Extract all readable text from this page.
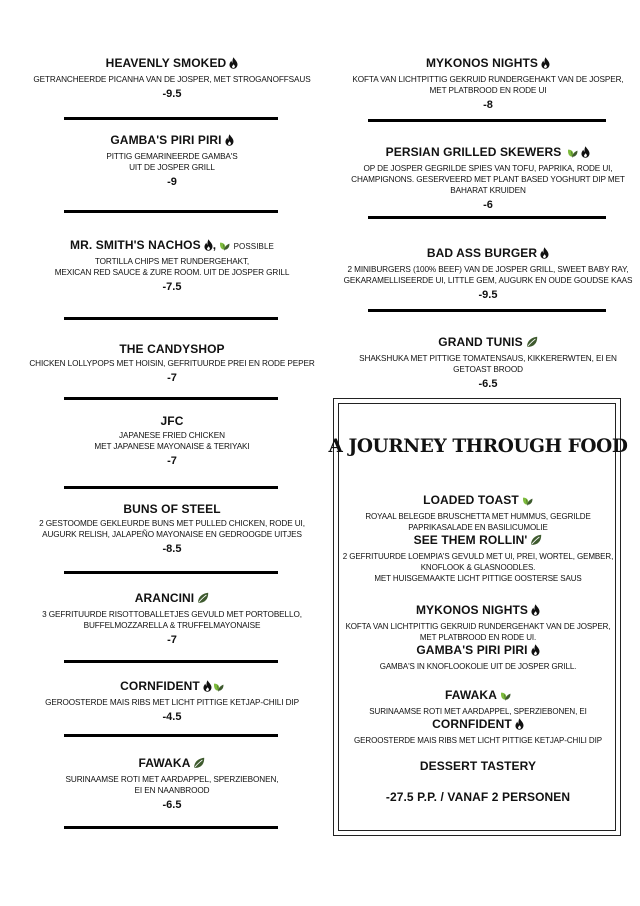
HEAVENLY SMOKED
GETRANCHEERDE PICANHA VAN DE JOSPER, MET STROGANOFFSAUS
-9.5
GAMBA'S PIRI PIRI
PITTIG GEMARINEERDE GAMBA'S
UIT DE JOSPER GRILL
-9
MR. SMITH'S NACHOS , POSSIBLE
TORTILLA CHIPS MET RUNDERGEHAKT,
MEXICAN RED SAUCE & ZURE ROOM. UIT DE JOSPER GRILL
-7.5
THE CANDYSHOP
CHICKEN LOLLYPOPS MET HOISIN, GEFRITUURDE PREI EN RODE PEPER
-7
JFC
JAPANESE FRIED CHICKEN
MET JAPANESE MAYONAISE & TERIYAKI
-7
BUNS OF STEEL
2 GESTOOMDE GEKLEURDE BUNS MET PULLED CHICKEN, RODE UI,
AUGURK RELISH, JALAPEÑO MAYONAISE EN GEDROOGDE UITJES
-8.5
ARANCINI
3 GEFRITUURDE RISOTTOBALLETJES GEVULD MET PORTOBELLO,
BUFFELMOZZARELLA & TRUFFELMAYONAISE
-7
CORNFIDENT
GEROOSTERDE MAIS RIBS MET LICHT PITTIGE KETJAP-CHILI DIP
-4.5
FAWAKA
SURINAAMSE ROTI MET AARDAPPEL, SPERZIEBONEN,
EI EN NAANBROOD
-6.5
MYKONOS NIGHTS
KOFTA VAN LICHTPITTIG GEKRUID RUNDERGEHAKT VAN DE JOSPER,
MET PLATBROOD EN RODE UI
-8
PERSIAN GRILLED SKEWERS
OP DE JOSPER GEGRILDE SPIES VAN TOFU, PAPRIKA, RODE UI,
CHAMPIGNONS. GESERVEERD MET PLANT BASED YOGHURT DIP MET
BAHARAT KRUIDEN
-6
BAD ASS BURGER
2 MINIBURGERS (100% BEEF) VAN DE JOSPER GRILL, SWEET BABY RAY,
GEKARAMELLISEERDE UI, LITTLE GEM, AUGURK EN OUDE GOUDSE KAAS
-9.5
GRAND TUNIS
SHAKSHUKA MET PITTIGE TOMATENSAUS, KIKKERERWTEN, EI EN
GETOAST BROOD
-6.5
A JOURNEY THROUGH FOOD
LOADED TOAST
ROYAAL BELEGDE BRUSCHETTA MET HUMMUS, GEGRILDE
PAPRIKASALADE EN BASILICUMOLIE
SEE THEM ROLLIN'
2 GEFRITUURDE LOEMPIA'S GEVULD MET UI, PREI, WORTEL, GEMBER,
KNOFLOOK & GLASNOODLES.
MET HUISGEMAAKTE LICHT PITTIGE OOSTERSE SAUS
MYKONOS NIGHTS
KOFTA VAN LICHTPITTIG GEKRUID RUNDERGEHAKT VAN DE JOSPER,
MET PLATBROOD EN RODE UI.
GAMBA'S PIRI PIRI
GAMBA'S IN KNOFLOOKOLIE UIT DE JOSPER GRILL.
FAWAKA
SURINAAMSE ROTI MET AARDAPPEL, SPERZIEBONEN, EI
CORNFIDENT
GEROOSTERDE MAIS RIBS MET LICHT PITTIGE KETJAP-CHILI DIP
DESSERT TASTERY
-27.5 P.P. / VANAF 2 PERSONEN
